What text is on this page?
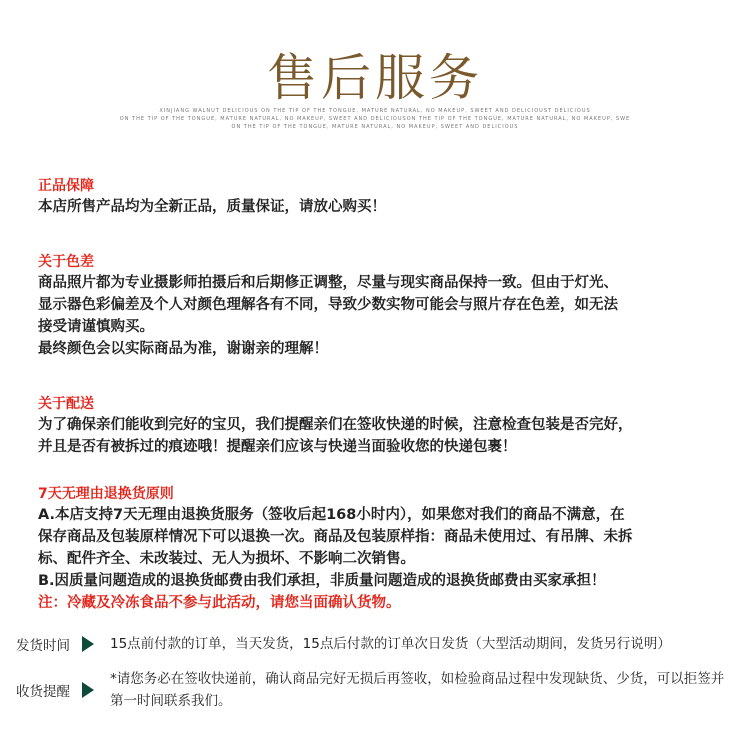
售后服务
XINJIANG WALNUT DELICIOUS ON THE TIP OF THE TONGUE, MATURE NATURAL, NO MAKEUP, SWEET AND DELICIOUST DELICIOUS
ON THE TIP OF THE TONGUE, MATURE NATURAL, NO MAKEUP, SWEET AND DELICIOUSON THE TIP OF THE TONGUE, MATURE NATURAL, NO MAKEUP, SWE
ON THE TIP OF THE TONGUE, MATURE NATURAL, NO MAKEUP, SWEET AND DELICIOUS
正品保障
本店所售产品均为全新正品，质量保证，请放心购买！
关于色差
商品照片都为专业摄影师拍摄后和后期修正调整，尽量与现实商品保持一致。但由于灯光、
显示器色彩偏差及个人对颜色理解各有不同，导致少数实物可能会与照片存在色差，如无法
接受请谨慎购买。
最终颜色会以实际商品为准，谢谢亲的理解！
关于配送
为了确保亲们能收到完好的宝贝，我们提醒亲们在签收快递的时候，注意检查包装是否完好，
并且是否有被拆过的痕迹哦！提醒亲们应该与快递当面验收您的快递包裹！
7天无理由退换货原则
A.本店支持7天无理由退换货服务（签收后起168小时内），如果您对我们的商品不满意，在
保存商品及包装原样情况下可以退换一次。商品及包装原样指：商品未使用过、有吊牌、未拆
标、配件齐全、未改装过、无人为损坏、不影响二次销售。
B.因质量问题造成的退换货邮费由我们承担，非质量问题造成的退换货邮费由买家承担！
注：冷藏及冷冻食品不参与此活动，请您当面确认货物。
发货时间	15点前付款的订单，当天发货，15点后付款的订单次日发货（大型活动期间，发货另行说明）
收货提醒
*请您务必在签收快递前，确认商品完好无损后再签收，如检验商品过程中发现缺货、少货，可以拒签并第一时间联系我们。
